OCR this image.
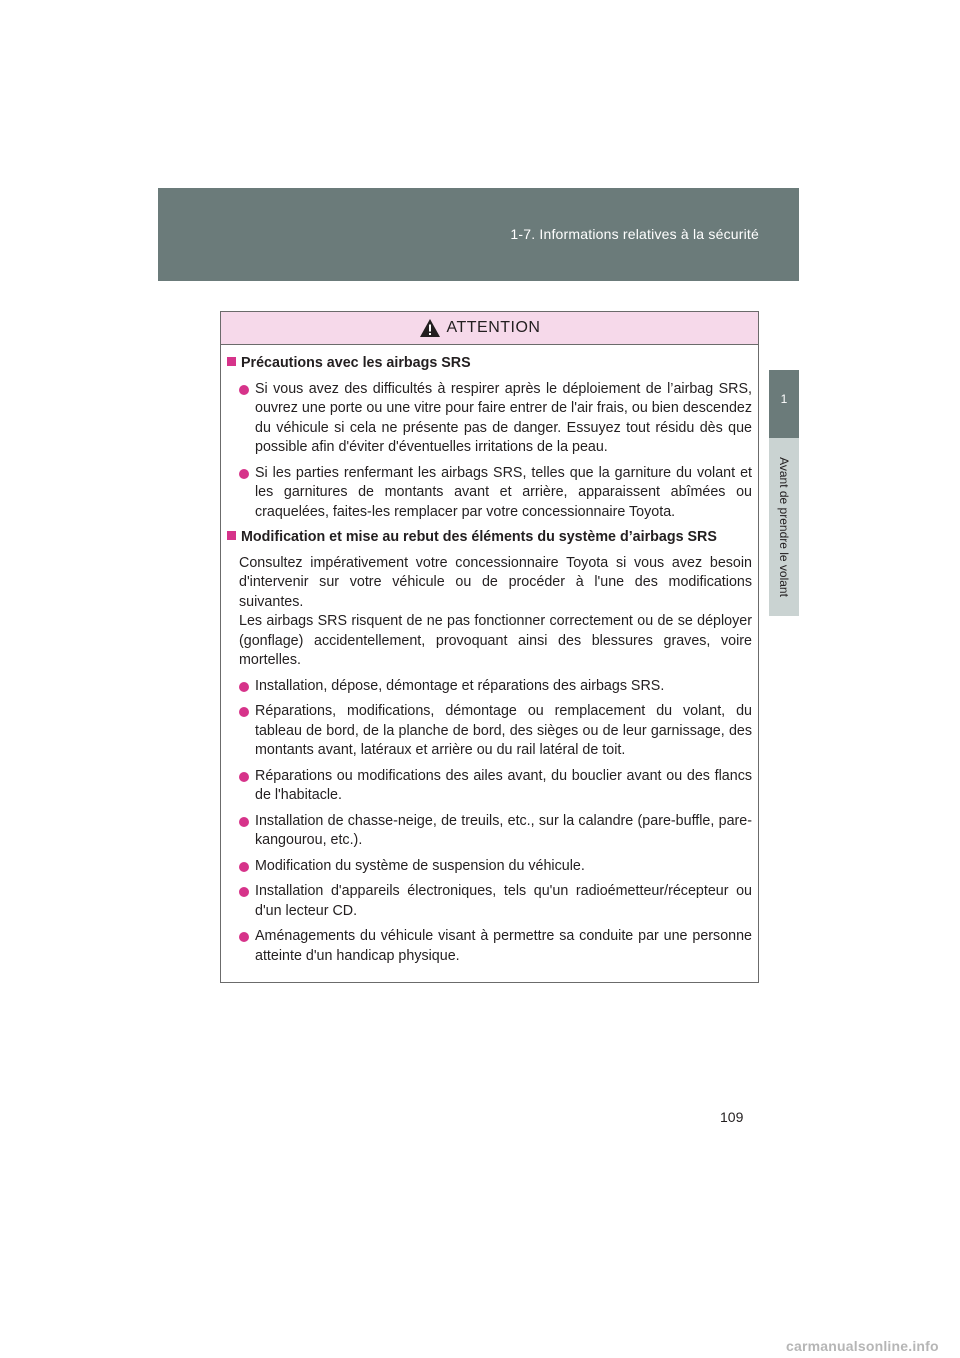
1-7. Informations relatives à la sécurité
1
Avant de prendre le volant
ATTENTION
Précautions avec les airbags SRS
Si vous avez des difficultés à respirer après le déploiement de l’airbag SRS, ouvrez une porte ou une vitre pour faire entrer de l'air frais, ou bien descendez du véhicule si cela ne présente pas de danger. Essuyez tout résidu dès que possible afin d'éviter d'éventuelles irritations de la peau.
Si les parties renfermant les airbags SRS, telles que la garniture du volant et les garnitures de montants avant et arrière, apparaissent abîmées ou craquelées, faites-les remplacer par votre concessionnaire Toyota.
Modification et mise au rebut des éléments du système d’airbags SRS
Consultez impérativement votre concessionnaire Toyota si vous avez besoin d'intervenir sur votre véhicule ou de procéder à l'une des modifications suivantes.
Les airbags SRS risquent de ne pas fonctionner correctement ou de se déployer (gonflage) accidentellement, provoquant ainsi des blessures graves, voire mortelles.
Installation, dépose, démontage et réparations des airbags SRS.
Réparations, modifications, démontage ou remplacement du volant, du tableau de bord, de la planche de bord, des sièges ou de leur garnissage, des montants avant, latéraux et arrière ou du rail latéral de toit.
Réparations ou modifications des ailes avant, du bouclier avant ou des flancs de l'habitacle.
Installation de chasse-neige, de treuils, etc., sur la calandre (pare-buffle, pare-kangourou, etc.).
Modification du système de suspension du véhicule.
Installation d'appareils électroniques, tels qu'un radioémetteur/récepteur ou d'un lecteur CD.
Aménagements du véhicule visant à permettre sa conduite par une personne atteinte d'un handicap physique.
109
carmanualsonline.info
